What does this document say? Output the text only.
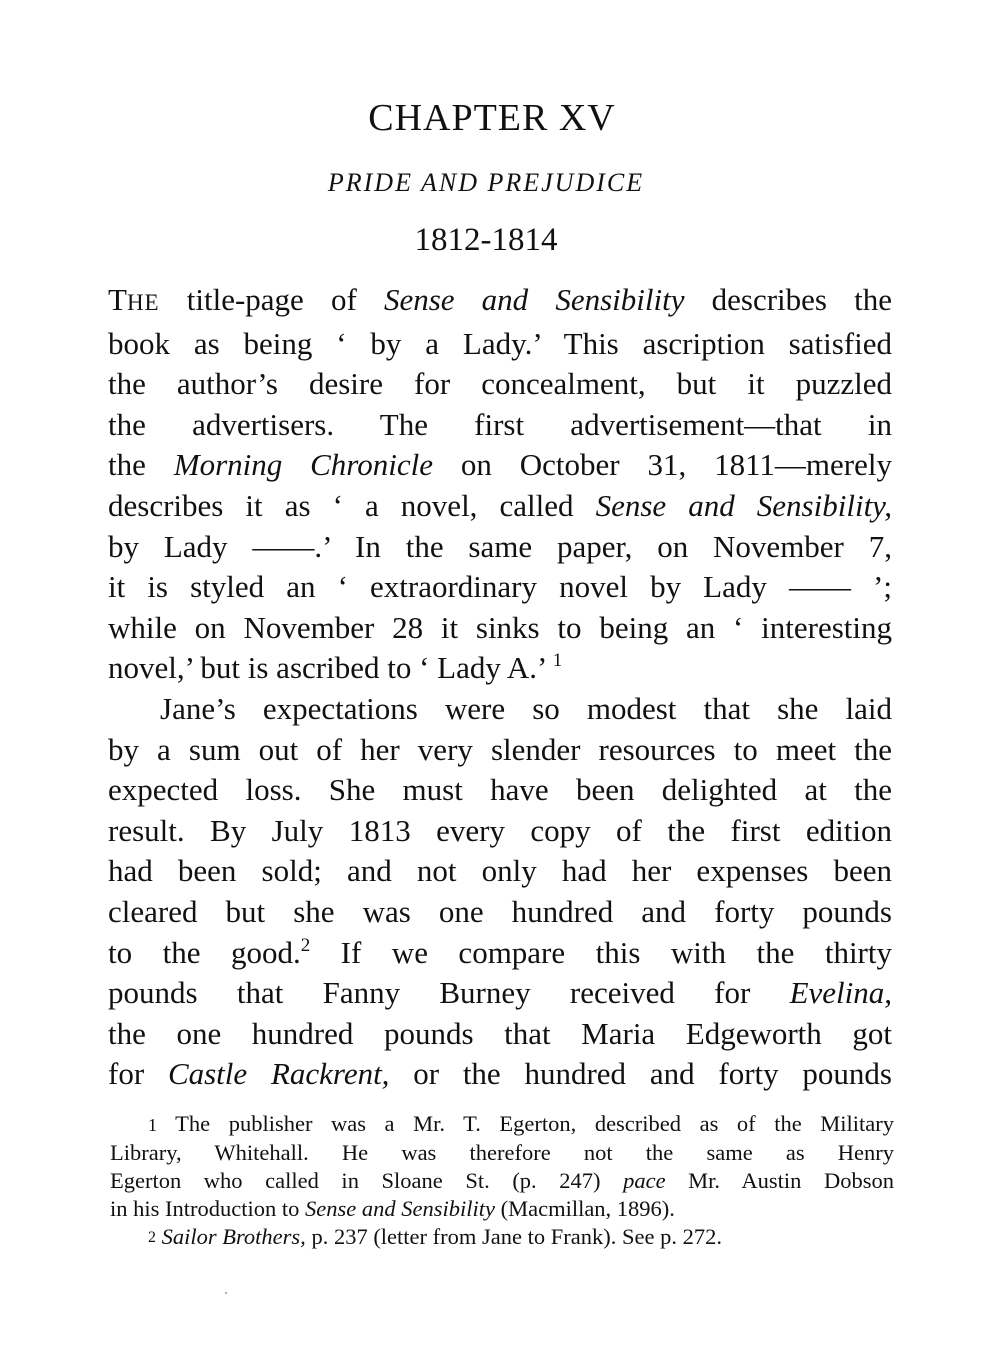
CHAPTER XV
PRIDE AND PREJUDICE
1812-1814
THE title-page of Sense and Sensibility describes the
book as being ‘ by a Lady.’ This ascription satisfied
the author’s desire for concealment, but it puzzled
the advertisers. The first advertisement—that in
the Morning Chronicle on October 31, 1811—merely
describes it as ‘ a novel, called Sense and Sensibility,
by Lady ——.’ In the same paper, on November 7,
it is styled an ‘ extraordinary novel by Lady —— ’;
while on November 28 it sinks to being an ‘ interesting
novel,’ but is ascribed to ‘ Lady A.’ $^1$
Jane’s expectations were so modest that she laid
by a sum out of her very slender resources to meet the
expected loss. She must have been delighted at the
result. By July 1813 every copy of the first edition
had been sold; and not only had her expenses been
cleared but she was one hundred and forty pounds
to the good.$^2$ If we compare this with the thirty
pounds that Fanny Burney received for Evelina,
the one hundred pounds that Maria Edgeworth got
for Castle Rackrent, or the hundred and forty pounds
1 The publisher was a Mr. T. Egerton, described as of the Military
Library, Whitehall. He was therefore not the same as Henry
Egerton who called in Sloane St. (p. 247) pace Mr. Austin Dobson
in his Introduction to Sense and Sensibility (Macmillan, 1896).
2 Sailor Brothers, p. 237 (letter from Jane to Frank). See p. 272.
